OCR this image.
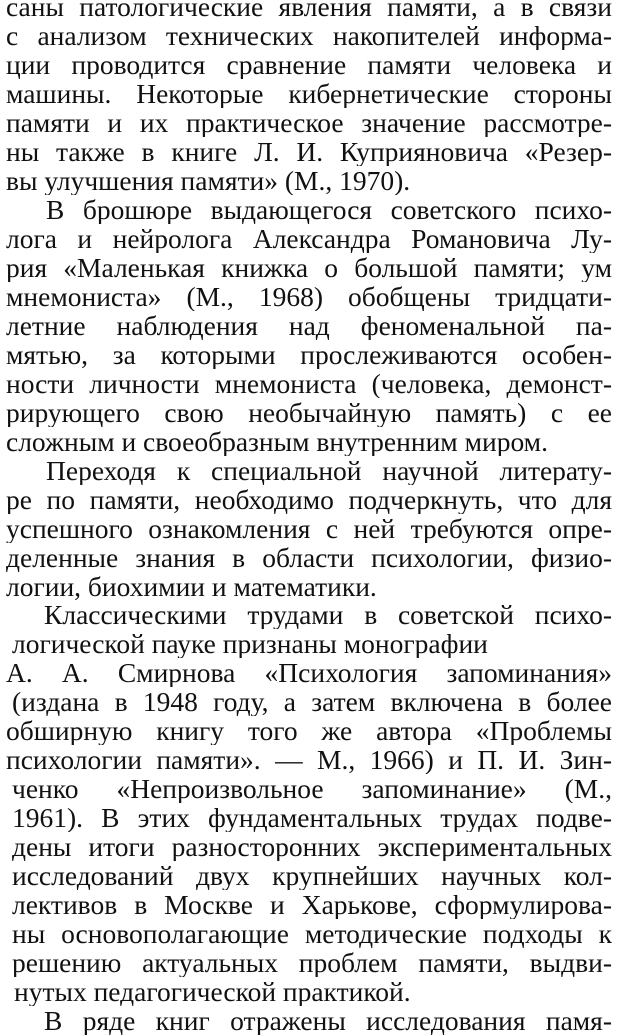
саны патологические явления памяти, а в связи
с анализом технических накопителей информа-
ции проводится сравнение памяти человека и
машины. Некоторые кибернетические стороны
памяти и их практическое значение рассмотре-
ны также в книге Л. И. Куприяновича «Резер-
вы улучшения памяти» (М., 1970).
В брошюре выдающегося советского психо-
лога и нейролога Александра Романовича Лу-
рия «Маленькая книжка о большой памяти; ум
мнемониста» (М., 1968) обобщены тридцати-
летние наблюдения над феноменальной па-
мятью, за которыми прослеживаются особен-
ности личности мнемониста (человека, демонст-
рирующего свою необычайную память) с ее
сложным и своеобразным внутренним миром.
Переходя к специальной научной литерату-
ре по памяти, необходимо подчеркнуть, что для
успешного ознакомления с ней требуются опре-
деленные знания в области психологии, физио-
логии, биохимии и математики.
Классическими трудами в советской психо-
логической пауке признаны монографии
А. А. Смирнова «Психология запоминания»
(издана в 1948 году, а затем включена в более
обширную книгу того же автора «Проблемы
психологии памяти». — М., 1966) и П. И. Зин-
ченко «Непроизвольное запоминание» (М.,
1961). В этих фундаментальных трудах подве-
дены итоги разносторонних экспериментальных
исследований двух крупнейших научных кол-
лективов в Москве и Харькове, сформулирова-
ны основополагающие методические подходы к
решению актуальных проблем памяти, выдви-
нутых педагогической практикой.
В ряде книг отражены исследования памя-
